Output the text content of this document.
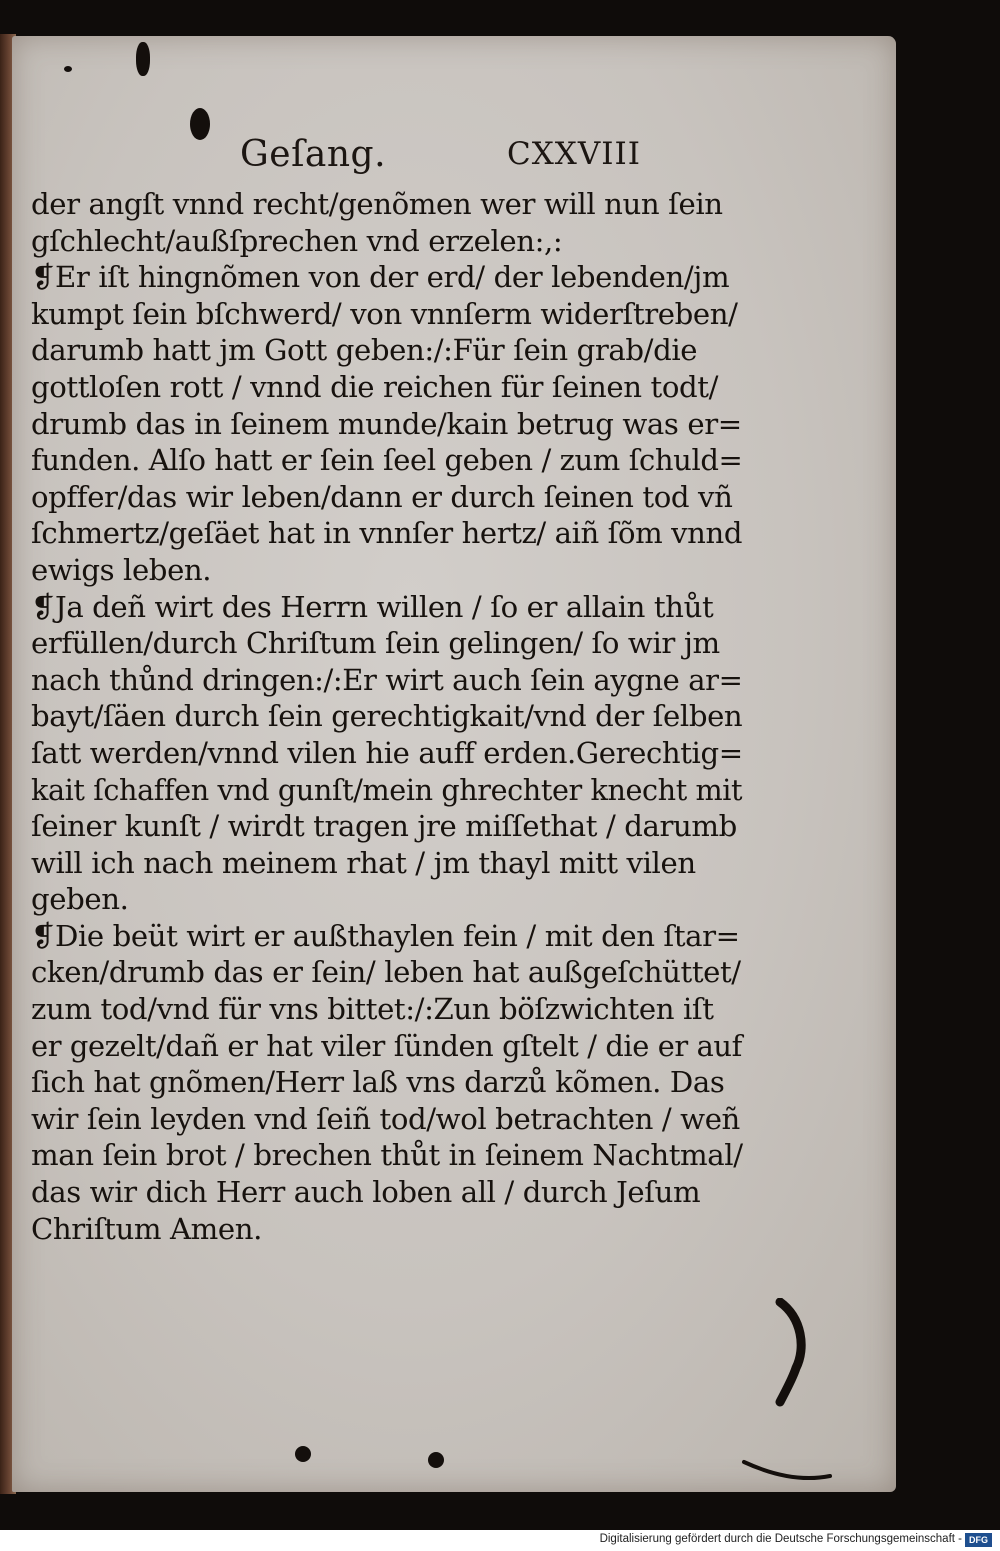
Geſang.	CXXVIII
der angſt vnnd recht/genõmen wer will nun ſein
gſchlecht/außſprechen vnd erzelen:,:
❡Er iſt hingnõmen von der erd/ der lebenden/jm
kumpt ſein bſchwerd/ von vnnſerm widerſtreben/
darumb hatt jm Gott geben:/:Für ſein grab/die
gottloſen rott / vnnd die reichen für ſeinen todt/
drumb das in ſeinem munde/kain betrug was er=
funden. Alſo hatt er ſein ſeel geben / zum ſchuld=
opffer/das wir leben/dann er durch ſeinen tod vñ
ſchmertz/geſäet hat in vnnſer hertz/ aiñ ſõm vnnd
ewigs leben.
❡Ja deñ wirt des Herrn willen / ſo er allain thůt
erfüllen/durch Chriſtum ſein gelingen/ ſo wir jm
nach thůnd dringen:/:Er wirt auch ſein aygne ar=
bayt/ſäen durch ſein gerechtigkait/vnd der ſelben
ſatt werden/vnnd vilen hie auff erden.Gerechtig=
kait ſchaffen vnd gunſt/mein ghrechter knecht mit
ſeiner kunſt / wirdt tragen jre miſſethat / darumb
will ich nach meinem rhat / jm thayl mitt vilen
geben.
❡Die beüt wirt er außthaylen fein / mit den ſtar=
cken/drumb das er ſein/ leben hat außgeſchüttet/
zum tod/vnd für vns bittet:/:Zun böſzwichten iſt
er gezelt/dañ er hat viler ſünden gſtelt / die er auf
ſich hat gnõmen/Herr laß vns darzů kõmen. Das
wir ſein leyden vnd ſeiñ tod/wol betrachten / weñ
man ſein brot / brechen thůt in ſeinem Nachtmal/
das wir dich Herr auch loben all / durch Jeſum
Chriſtum Amen.
Digitalisierung gefördert durch die Deutsche Forschungsgemeinschaft - DFG
